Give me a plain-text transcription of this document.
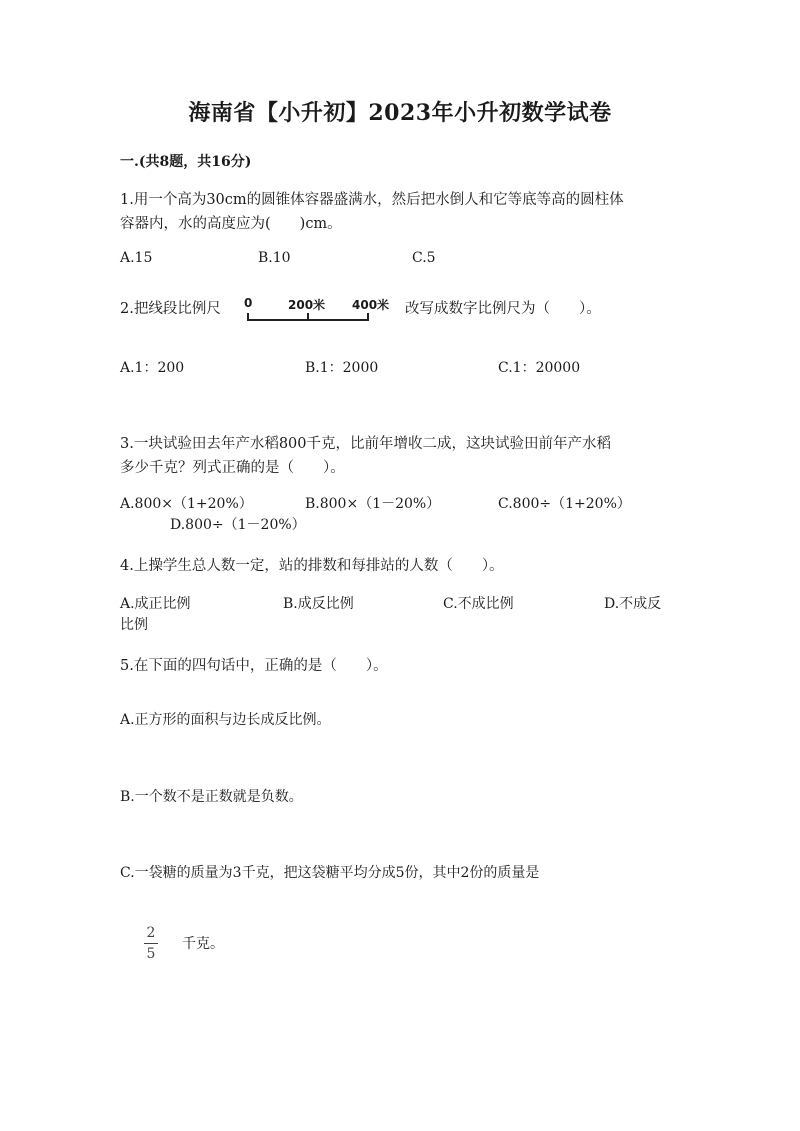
海南省【小升初】2023年小升初数学试卷
一.(共8题，共16分)
1.用一个高为30cm的圆锥体容器盛满水，然后把水倒人和它等底等高的圆柱体
容器内，水的高度应为(　　)cm。
A.15	B.10	C.5
2.把线段比例尺 0	200米 400米 改写成数字比例尺为（　　）。
A.1：200	B.1：2000	C.1：20000
3.一块试验田去年产水稻800千克，比前年增收二成，这块试验田前年产水稻
多少千克？列式正确的是（　　）。
A.800×（1+20%）	B.800×（1－20%）	C.800÷（1+20%）
D.800÷（1－20%）
4.上操学生总人数一定，站的排数和每排站的人数（　　）。
A.成正比例	B.成反比例	C.不成比例	D.不成反
比例
5.在下面的四句话中，正确的是（　　）。
A.正方形的面积与边长成反比例。
B.一个数不是正数就是负数。
C.一袋糖的质量为3千克，把这袋糖平均分成5份，其中2份的质量是
2
5
千克。
